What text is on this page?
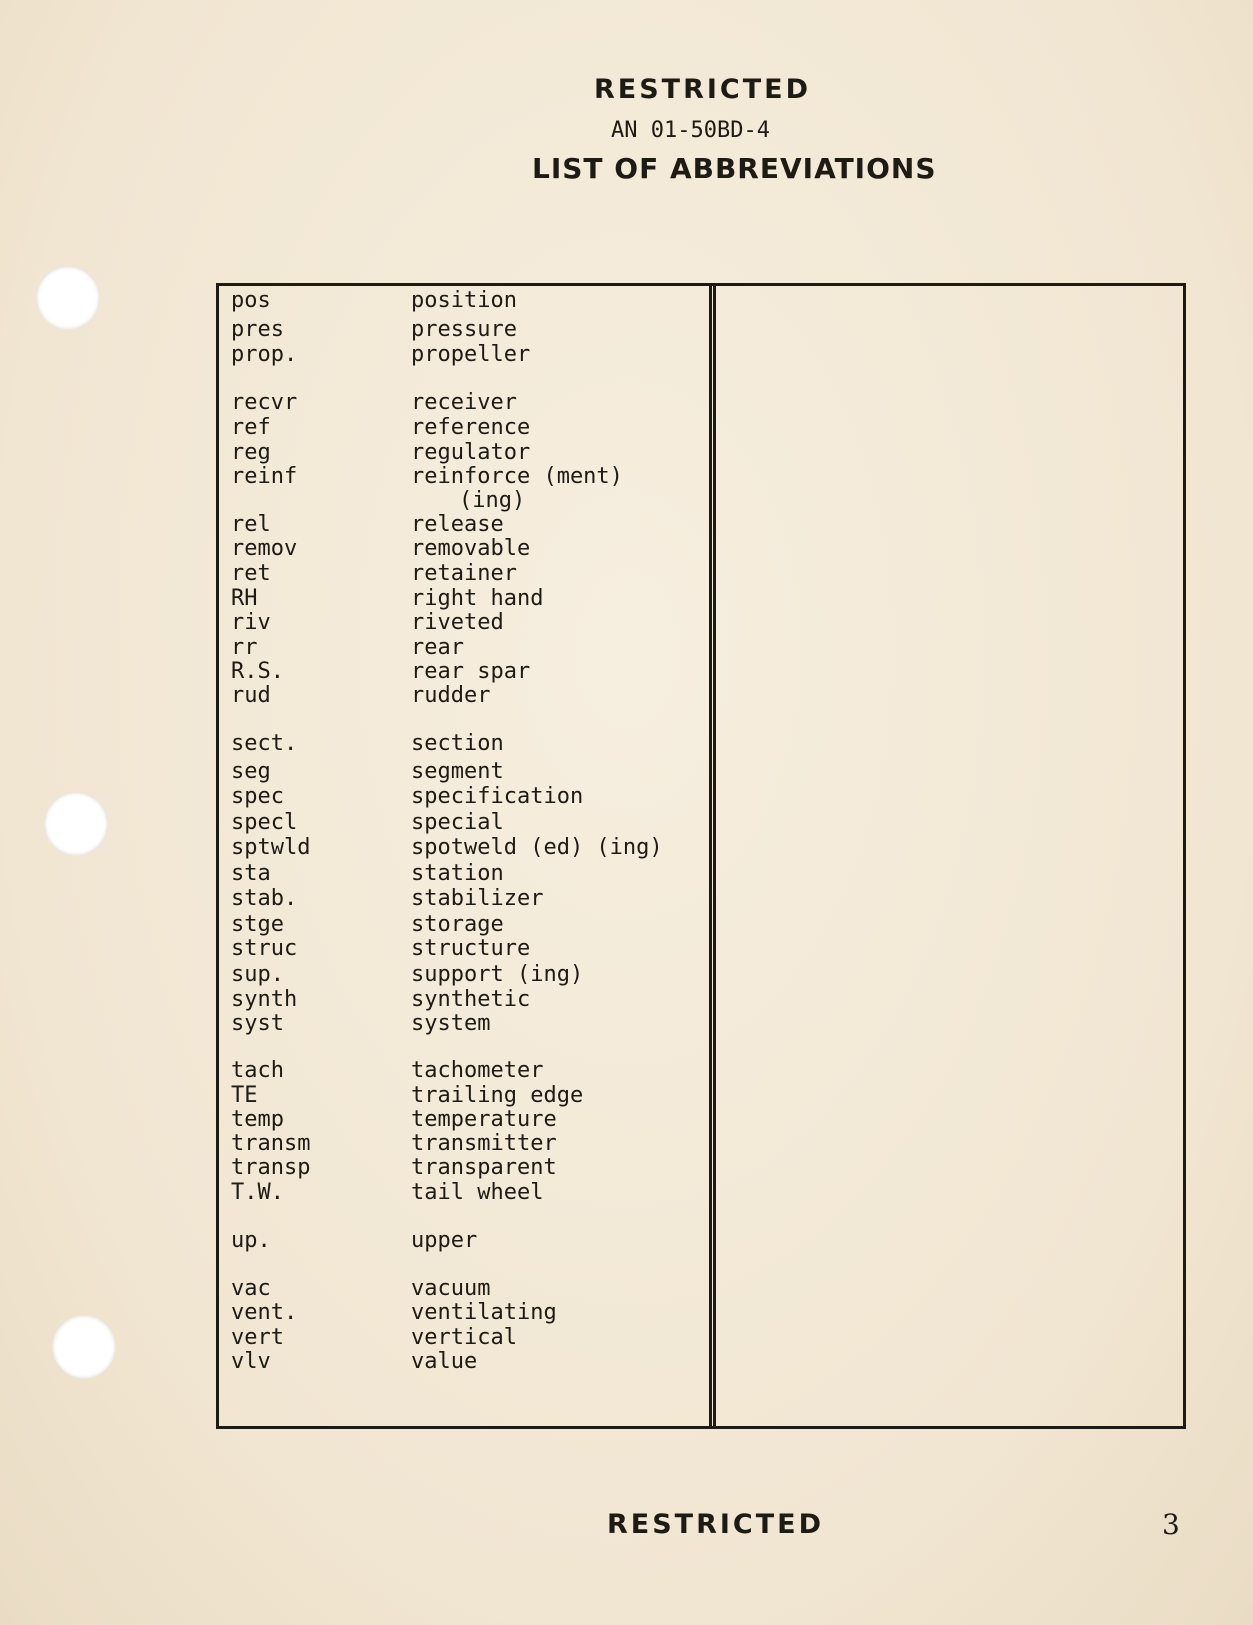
RESTRICTED
AN 01-50BD-4
LIST OF ABBREVIATIONS
pos	position
pres	pressure
prop.	propeller
recvr	receiver
ref	reference
reg	regulator
reinf	reinforce (ment)
(ing)
rel	release
remov	removable
ret	retainer
RH	right hand
riv	riveted
rr	rear
R.S.	rear spar
rud	rudder
sect.	section
seg	segment
spec	specification
specl	special
sptwld	spotweld (ed) (ing)
sta	station
stab.	stabilizer
stge	storage
struc	structure
sup.	support (ing)
synth	synthetic
syst	system
tach	tachometer
TE	trailing edge
temp	temperature
transm	transmitter
transp	transparent
T.W.	tail wheel
up.	upper
vac	vacuum
vent.	ventilating
vert	vertical
vlv	value
RESTRICTED	3
